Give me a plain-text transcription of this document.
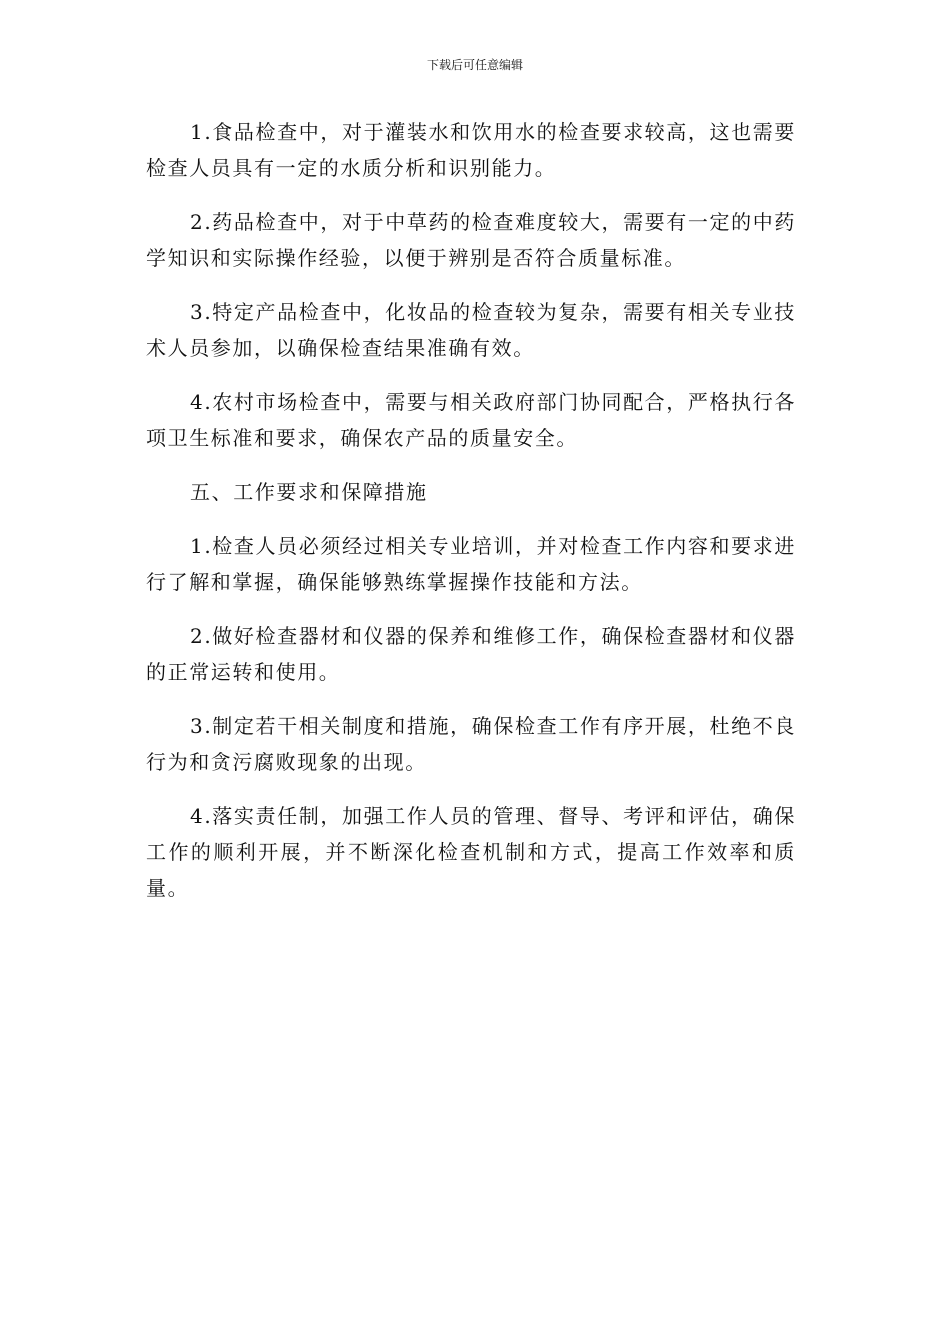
下载后可任意编辑

1.食品检查中，对于灌装水和饮用水的检查要求较高，这也需要检查人员具有一定的水质分析和识别能力。

2.药品检查中，对于中草药的检查难度较大，需要有一定的中药学知识和实际操作经验，以便于辨别是否符合质量标准。

3.特定产品检查中，化妆品的检查较为复杂，需要有相关专业技术人员参加，以确保检查结果准确有效。

4.农村市场检查中，需要与相关政府部门协同配合，严格执行各项卫生标准和要求，确保农产品的质量安全。

五、工作要求和保障措施

1.检查人员必须经过相关专业培训，并对检查工作内容和要求进行了解和掌握，确保能够熟练掌握操作技能和方法。

2.做好检查器材和仪器的保养和维修工作，确保检查器材和仪器的正常运转和使用。

3.制定若干相关制度和措施，确保检查工作有序开展，杜绝不良行为和贪污腐败现象的出现。

4.落实责任制，加强工作人员的管理、督导、考评和评估，确保工作的顺利开展，并不断深化检查机制和方式，提高工作效率和质量。
